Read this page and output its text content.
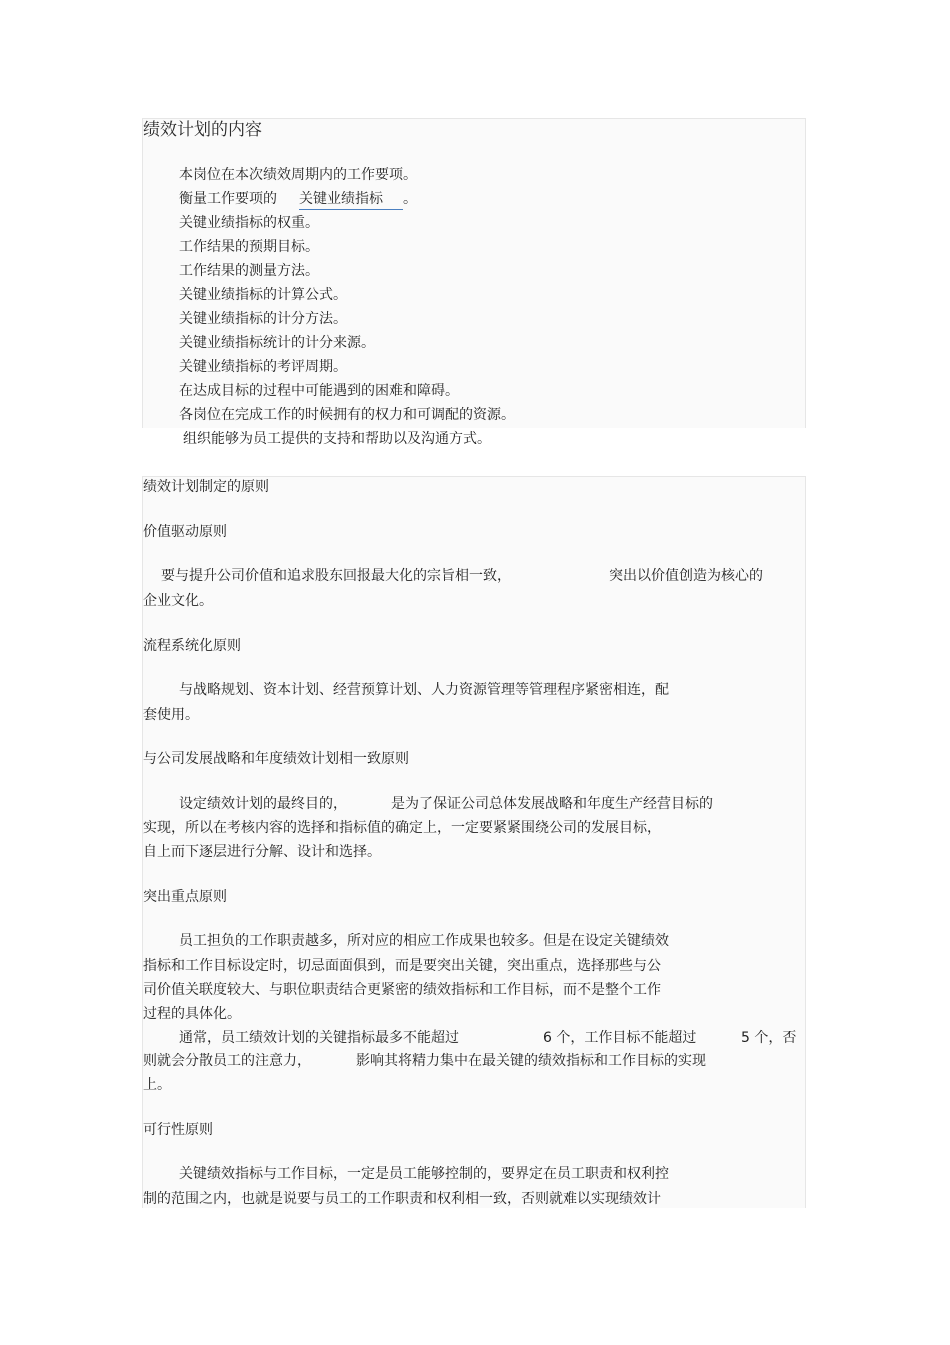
绩效计划的内容
本岗位在本次绩效周期内的工作要项。
衡量工作要项的 关键业绩指标 。
关键业绩指标的权重。
工作结果的预期目标。
工作结果的测量方法。
关键业绩指标的计算公式。
关键业绩指标的计分方法。
关键业绩指标统计的计分来源。
关键业绩指标的考评周期。
在达成目标的过程中可能遇到的困难和障碍。
各岗位在完成工作的时候拥有的权力和可调配的资源。
组织能够为员工提供的支持和帮助以及沟通方式。
绩效计划制定的原则
价值驱动原则
要与提升公司价值和追求股东回报最大化的宗旨相一致，	突出以价值创造为核心的
企业文化。
流程系统化原则
与战略规划、资本计划、经营预算计划、人力资源管理等管理程序紧密相连，配
套使用。
与公司发展战略和年度绩效计划相一致原则
设定绩效计划的最终目的，	是为了保证公司总体发展战略和年度生产经营目标的
实现，所以在考核内容的选择和指标值的确定上，一定要紧紧围绕公司的发展目标，
自上而下逐层进行分解、设计和选择。
突出重点原则
员工担负的工作职责越多，所对应的相应工作成果也较多。但是在设定关键绩效
指标和工作目标设定时，切忌面面俱到，而是要突出关键，突出重点，选择那些与公
司价值关联度较大、与职位职责结合更紧密的绩效指标和工作目标，而不是整个工作
过程的具体化。
通常，员工绩效计划的关键指标最多不能超过	6 个，工作目标不能超过	5 个，否
则就会分散员工的注意力，	影响其将精力集中在最关键的绩效指标和工作目标的实现
上。
可行性原则
关键绩效指标与工作目标，一定是员工能够控制的，要界定在员工职责和权利控
制的范围之内，也就是说要与员工的工作职责和权利相一致，否则就难以实现绩效计
